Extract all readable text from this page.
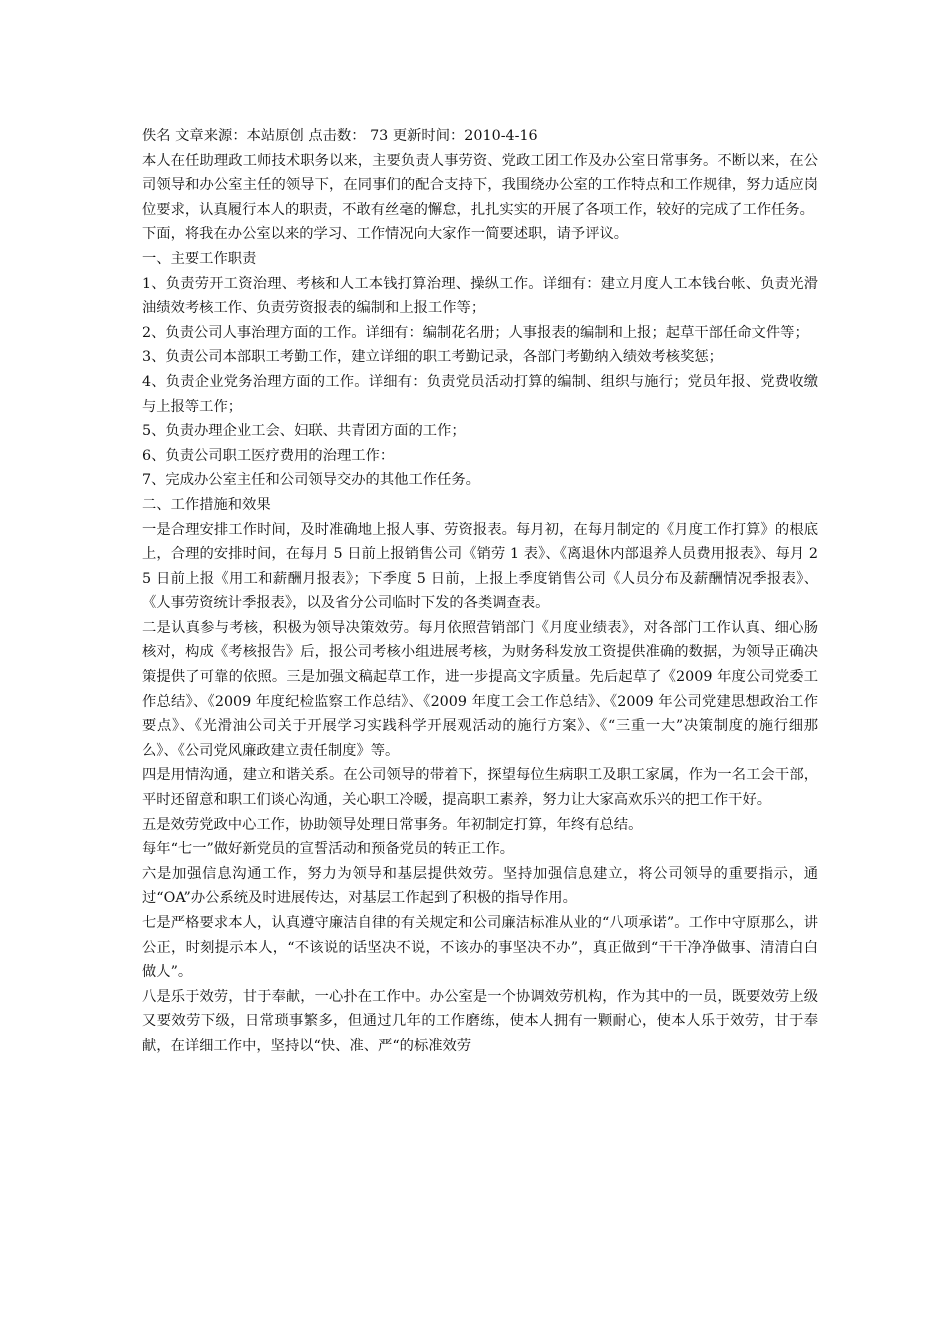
佚名 文章来源：本站原创 点击数： 73 更新时间：2010-4-16

本人在任助理政工师技术职务以来，主要负责人事劳资、党政工团工作及办公室日常事务。不断以来，在公司领导和办公室主任的领导下，在同事们的配合支持下，我围绕办公室的工作特点和工作规律，努力适应岗位要求，认真履行本人的职责，不敢有丝毫的懈怠，扎扎实实的开展了各项工作，较好的完成了工作任务。

下面，将我在办公室以来的学习、工作情况向大家作一简要述职，请予评议。

一、主要工作职责

1、负责劳开工资治理、考核和人工本钱打算治理、操纵工作。详细有：建立月度人工本钱台帐、负责光滑油绩效考核工作、负责劳资报表的编制和上报工作等；

2、负责公司人事治理方面的工作。详细有：编制花名册；人事报表的编制和上报；起草干部任命文件等；

3、负责公司本部职工考勤工作，建立详细的职工考勤记录，各部门考勤纳入绩效考核奖惩；

4、负责企业党务治理方面的工作。详细有：负责党员活动打算的编制、组织与施行；党员年报、党费收缴与上报等工作；

5、负责办理企业工会、妇联、共青团方面的工作；

6、负责公司职工医疗费用的治理工作：

7、完成办公室主任和公司领导交办的其他工作任务。

二、工作措施和效果

一是合理安排工作时间，及时准确地上报人事、劳资报表。每月初，在每月制定的《月度工作打算》的根底上，合理的安排时间，在每月 5 日前上报销售公司《销劳 1 表》、《离退休内部退养人员费用报表》、每月 25 日前上报《用工和薪酬月报表》；下季度 5 日前，上报上季度销售公司《人员分布及薪酬情况季报表》、《人事劳资统计季报表》，以及省分公司临时下发的各类调查表。

二是认真参与考核，积极为领导决策效劳。每月依照营销部门《月度业绩表》，对各部门工作认真、细心肠核对，构成《考核报告》后，报公司考核小组进展考核，为财务科发放工资提供准确的数据，为领导正确决策提供了可靠的依照。三是加强文稿起草工作，进一步提高文字质量。先后起草了《2009 年度公司党委工作总结》、《2009 年度纪检监察工作总结》、《2009 年度工会工作总结》、《2009 年公司党建思想政治工作要点》、《光滑油公司关于开展学习实践科学开展观活动的施行方案》、《“三重一大”决策制度的施行细那么》、《公司党风廉政建立责任制度》等。

四是用情沟通，建立和谐关系。在公司领导的带着下，探望每位生病职工及职工家属，作为一名工会干部，平时还留意和职工们谈心沟通，关心职工冷暖，提高职工素养，努力让大家高欢乐兴的把工作干好。

五是效劳党政中心工作，协助领导处理日常事务。年初制定打算，年终有总结。

每年“七一”做好新党员的宣誓活动和预备党员的转正工作。

六是加强信息沟通工作，努力为领导和基层提供效劳。坚持加强信息建立，将公司领导的重要指示，通过“OA”办公系统及时进展传达，对基层工作起到了积极的指导作用。

七是严格要求本人，认真遵守廉洁自律的有关规定和公司廉洁标准从业的“八项承诺”。工作中守原那么，讲公正，时刻提示本人，“不该说的话坚决不说，不该办的事坚决不办”，真正做到“干干净净做事、清清白白做人”。

八是乐于效劳，甘于奉献，一心扑在工作中。办公室是一个协调效劳机构，作为其中的一员，既要效劳上级又要效劳下级，日常琐事繁多，但通过几年的工作磨练，使本人拥有一颗耐心，使本人乐于效劳，甘于奉献，在详细工作中，坚持以“快、准、严“的标准效劳
